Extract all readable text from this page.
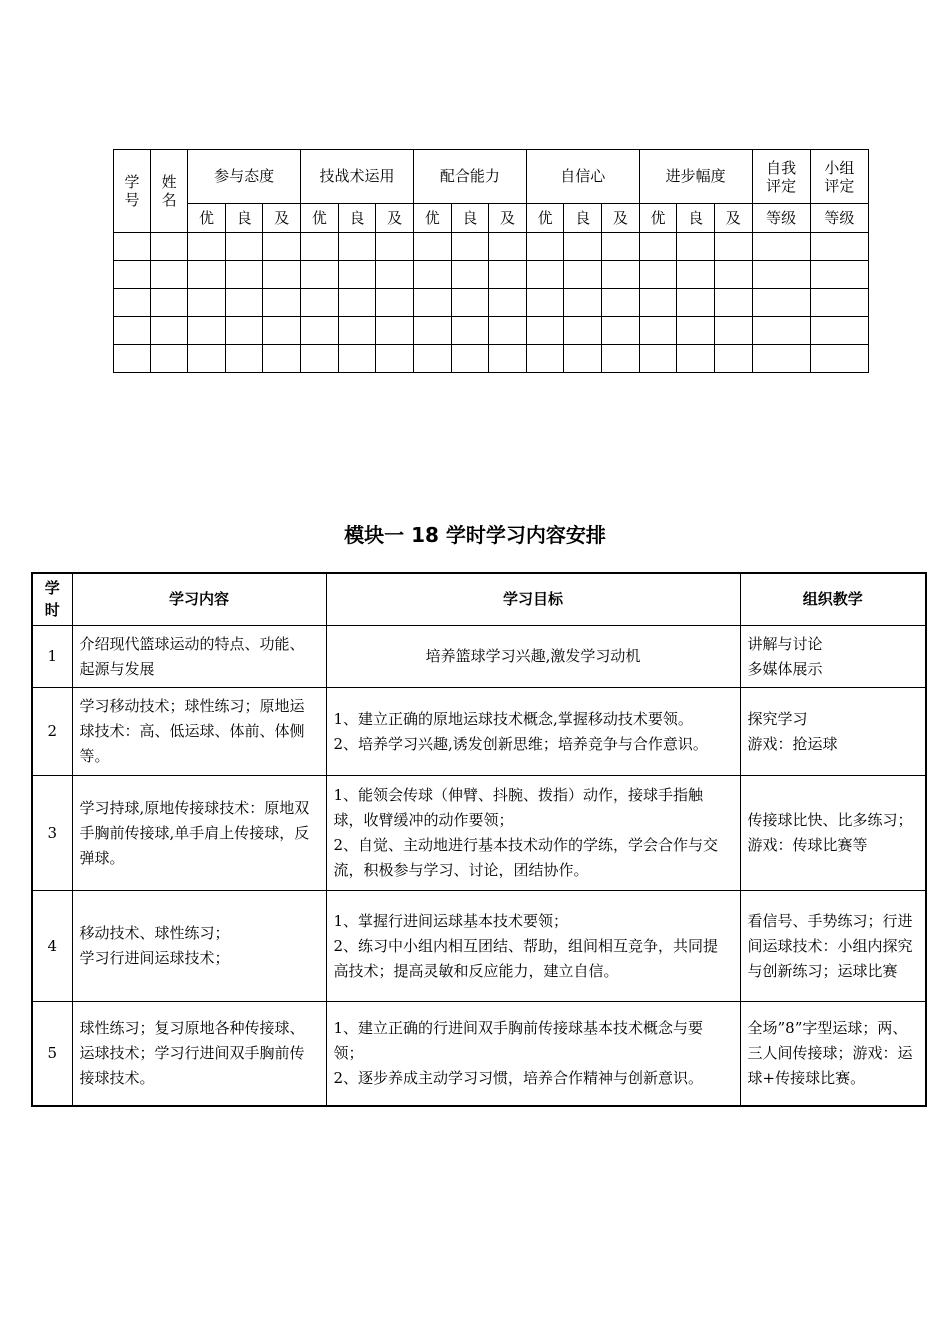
学号	姓名	参与态度			技战术运用			配合能力			自信心			进步幅度			自我评定	小组评定
		优	良	及	优	良	及	优	良	及	优	良	及	优	良	及	等级	等级

模块一 18 学时学习内容安排
学时	学习内容	学习目标	组织教学
1	介绍现代篮球运动的特点、功能、起源与发展	培养篮球学习兴趣,激发学习动机	讲解与讨论
多媒体展示

2	学习移动技术；球性练习；原地运球技术：高、低运球、体前、体侧等。	1、建立正确的原地运球技术概念,掌握移动技术要领。
2、培养学习兴趣,诱发创新思维；培养竞争与合作意识。	探究学习
游戏：抢运球

3	学习持球,原地传接球技术：原地双手胸前传接球,单手肩上传接球，反弹球。	1、能领会传球（伸臂、抖腕、拨指）动作，接球手指触球，收臂缓冲的动作要领；
2、自觉、主动地进行基本技术动作的学练，学会合作与交流，积极参与学习、讨论，团结协作。	传接球比快、比多练习；
游戏：传球比赛等

4	移动技术、球性练习；
学习行进间运球技术；	1、掌握行进间运球基本技术要领；
2、练习中小组内相互团结、帮助，组间相互竞争，共同提高技术；提高灵敏和反应能力，建立自信。	看信号、手势练习；行进间运球技术：小组内探究与创新练习；运球比赛
5	球性练习；复习原地各种传接球、运球技术；学习行进间双手胸前传接球技术。	1、建立正确的行进间双手胸前传接球基本技术概念与要领；
2、逐步养成主动学习习惯，培养合作精神与创新意识。	全场”8”字型运球；两、三人间传接球；游戏：运球+传接球比赛。
